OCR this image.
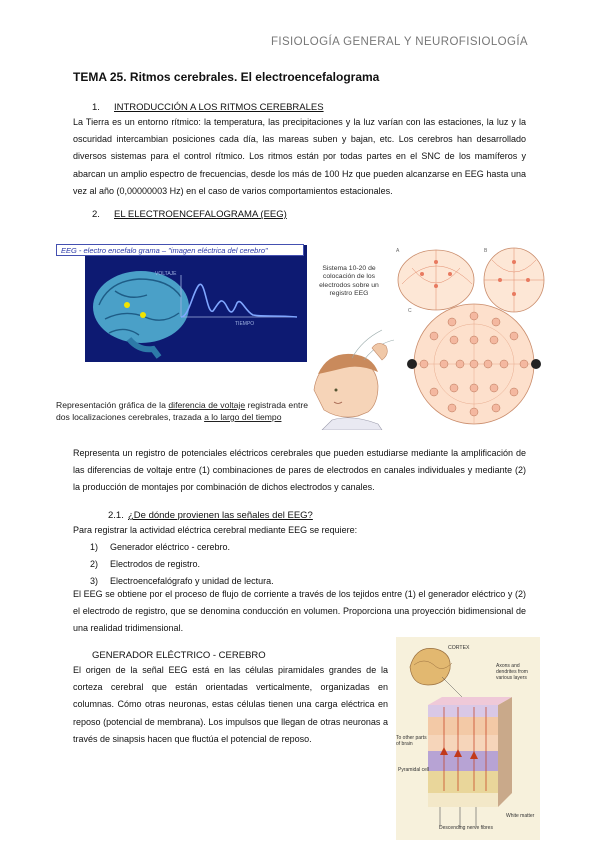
FISIOLOGÍA GENERAL Y NEUROFISIOLOGÍA
TEMA 25. Ritmos cerebrales. El electroencefalograma
1. INTRODUCCIÓN A LOS RITMOS CEREBRALES
La Tierra es un entorno rítmico: la temperatura, las precipitaciones y la luz varían con las estaciones, la luz y la oscuridad intercambian posiciones cada día, las mareas suben y bajan, etc. Los cerebros han desarrollado diversos sistemas para el control rítmico. Los ritmos están por todas partes en el SNC de los mamíferos y abarcan un amplio espectro de frecuencias, desde los más de 100 Hz que pueden alcanzarse en EEG hasta una vez al año (0,00000003 Hz) en el caso de varios comportamientos estacionales.
2. EL ELECTROENCEFALOGRAMA (EEG)
VOLTAJE
TIEMPO
EEG - electro encefalo grama – "imagen eléctrica del cerebro"
Representación gráfica de la diferencia de voltaje registrada entre dos localizaciones cerebrales, trazada a lo largo del tiempo
Sistema 10-20 de colocación de los electrodos sobre un registro EEG
A	B
C
Representa un registro de potenciales eléctricos cerebrales que pueden estudiarse mediante la amplificación de las diferencias de voltaje entre (1) combinaciones de pares de electrodos en canales individuales y mediante (2) la producción de montajes por combinación de dichos electrodos y canales.
2.1. ¿De dónde provienen las señales del EEG?
Para registrar la actividad eléctrica cerebral mediante EEG se requiere:
1) Generador eléctrico - cerebro.
2) Electrodos de registro.
3) Electroencefalógrafo y unidad de lectura.
El EEG se obtiene por el proceso de flujo de corriente a través de los tejidos entre (1) el generador eléctrico y (2) el electrodo de registro, que se denomina conducción en volumen. Proporciona una proyección bidimensional de una realidad tridimensional.
GENERADOR ELÉCTRICO - CEREBRO
El origen de la señal EEG está en las células piramidales grandes de la corteza cerebral que están orientadas verticalmente, organizadas en columnas. Cómo otras neuronas, estas células tienen una carga eléctrica en reposo (potencial de membrana). Los impulsos que llegan de otras neuronas a través de sinapsis hacen que fluctúa el potencial de reposo.
CORTEX
Axons and dendrites from various layers
To other parts of brain
Pyramidal cell
White matter
Descending nerve fibres
